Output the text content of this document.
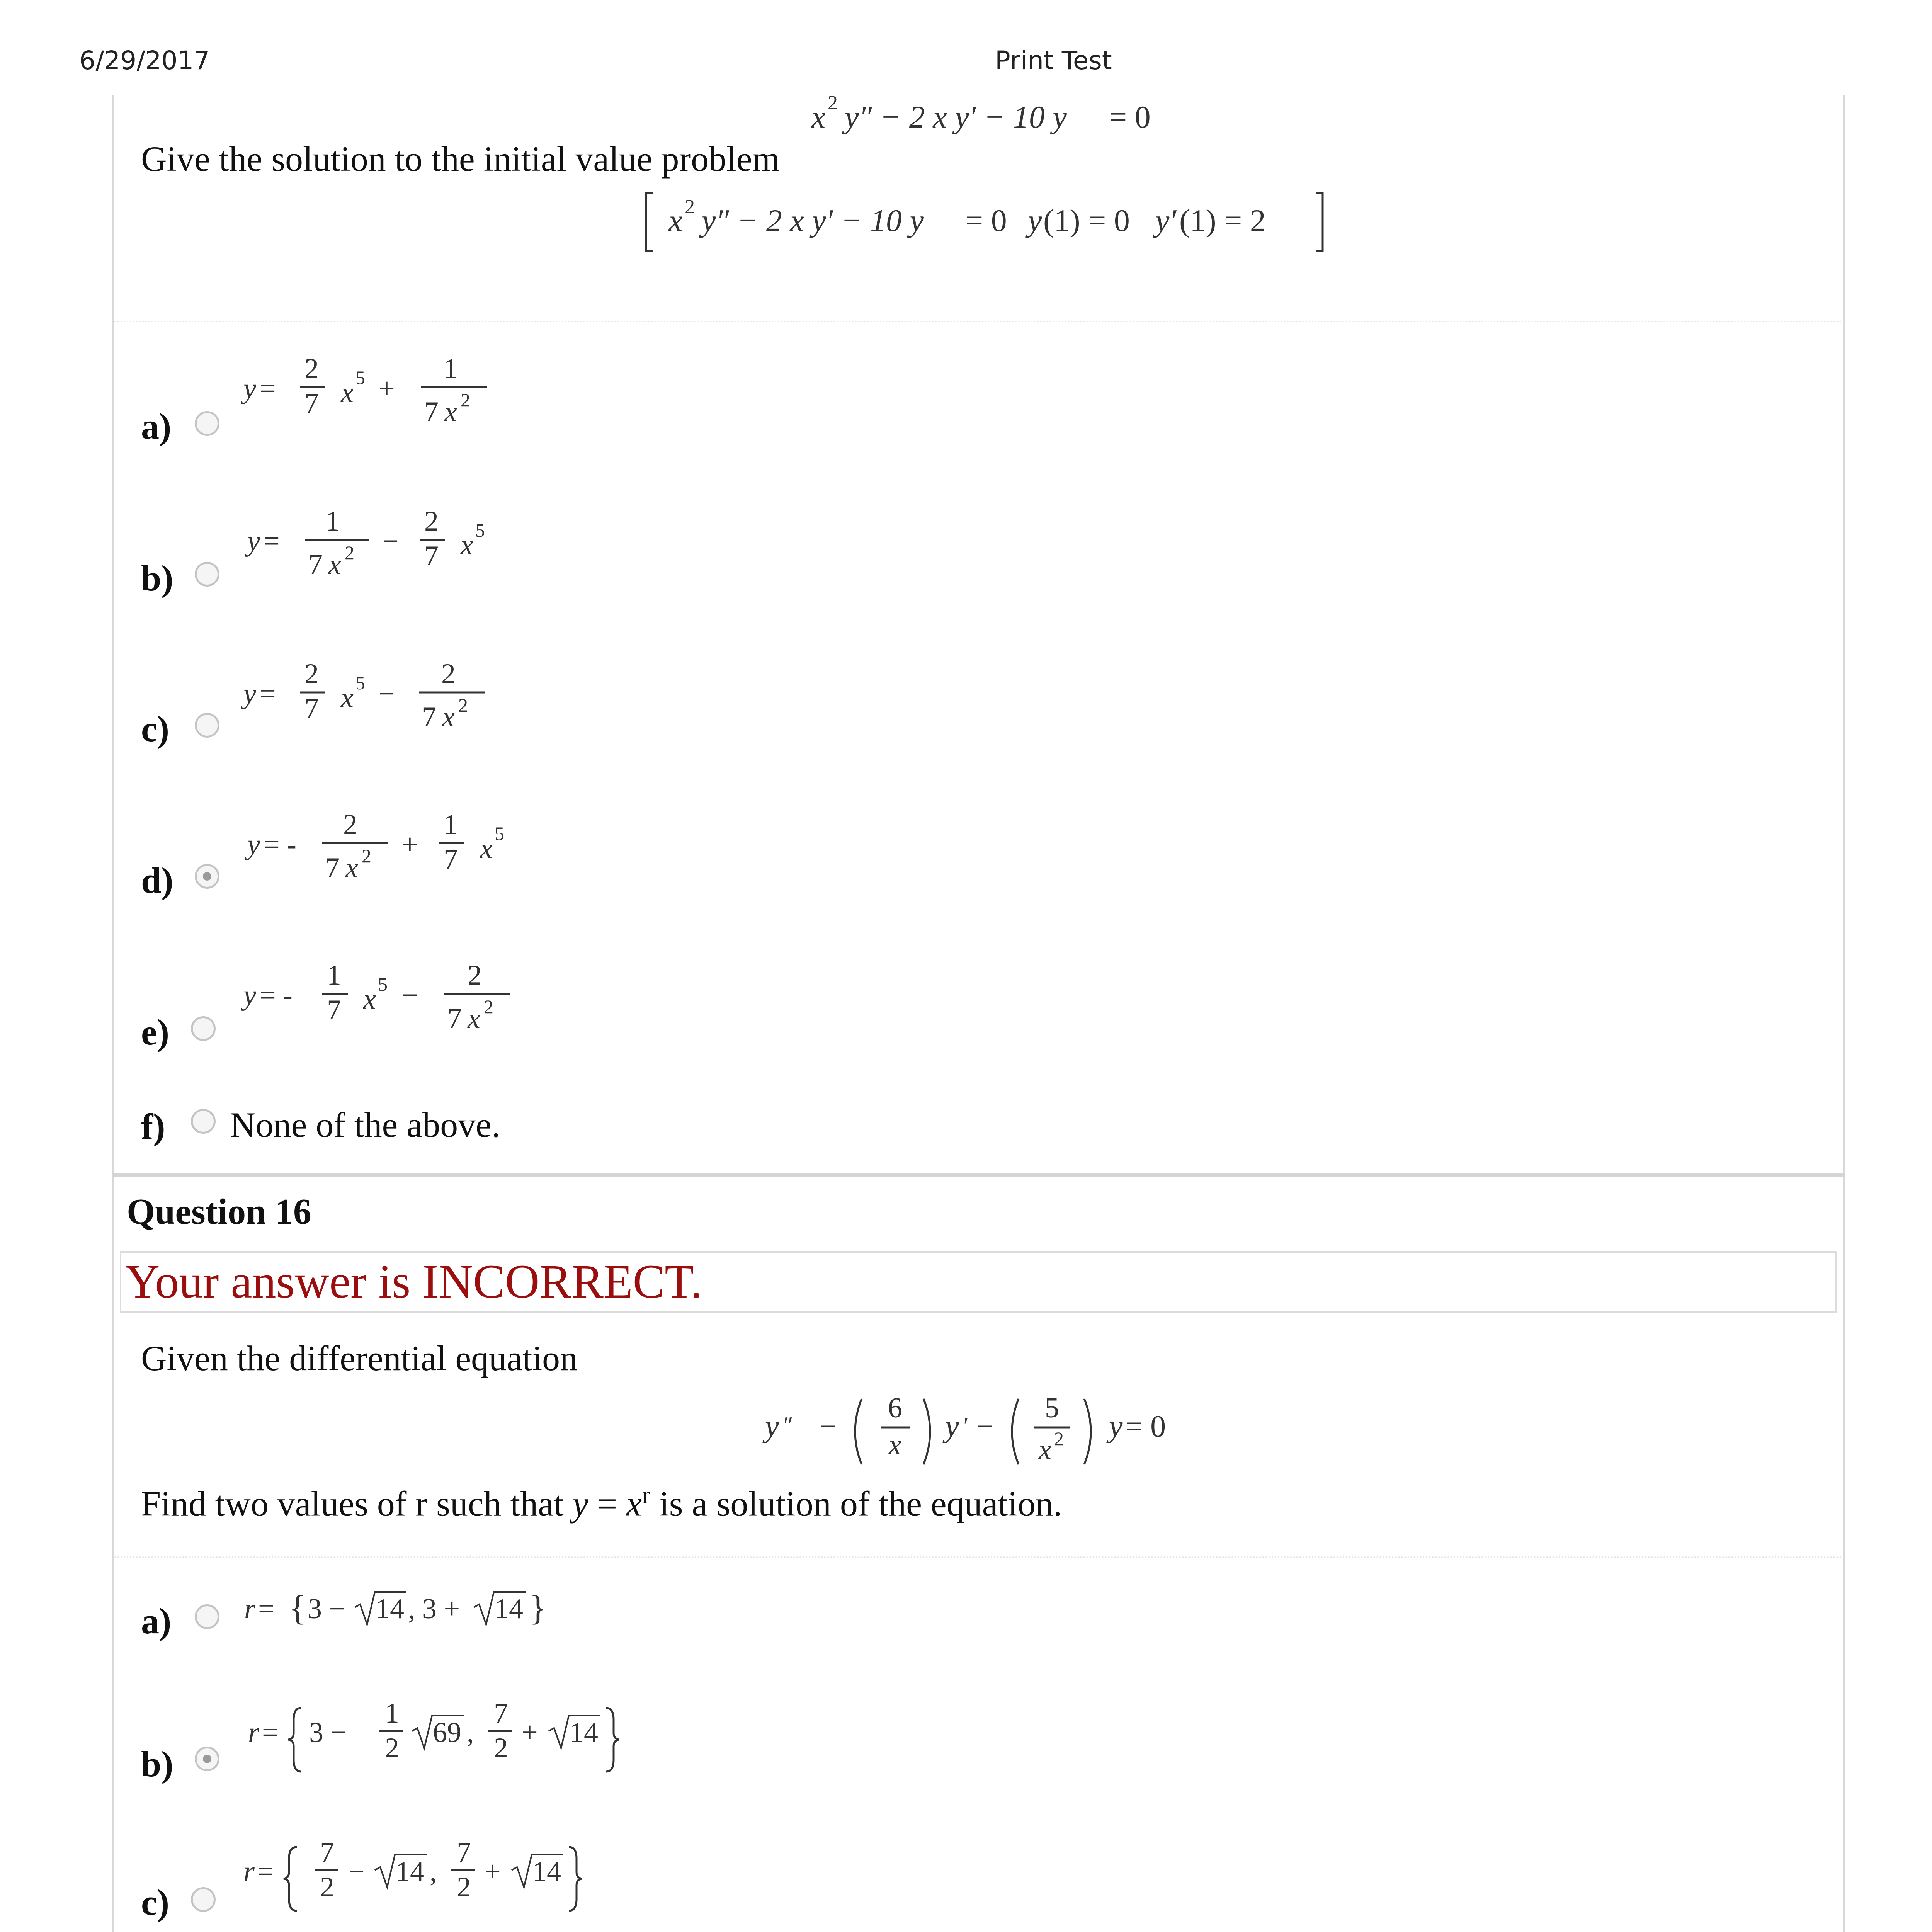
6/29/2017	Print Test
x 2 y″ − 2 x y′ − 10 y = 0
Give the solution to the initial value problem
x 2 y″ − 2 x y′ − 10 y = 0 y (1) = 0 y′ (1) = 2
a)
y =
2
7 x 5 +
1
7 x 2
b)
y =
1
7 x 2 −
2
7 x 5
c)
y =
2
7 x 5 −
2
7 x 2
d)
y = -
2
7 x 2 +
1
7 x 5
e)
y = -
1
7 x 5 −
2
7 x 2
f) None of the above.
Question 16
Your answer is INCORRECT.
Given the differential equation
y ″ −
6
x
y ′ −
5
x 2 y = 0
Find two values of r such that $y = x^r$ is a solution of the equation.
a)	r = { 3 − 14 , 3 + 14 }
b)
r = 3 −
1
2 69 ,
7
2 + 14
c)
r =
7
2 − 14 ,
7
2 + 14
